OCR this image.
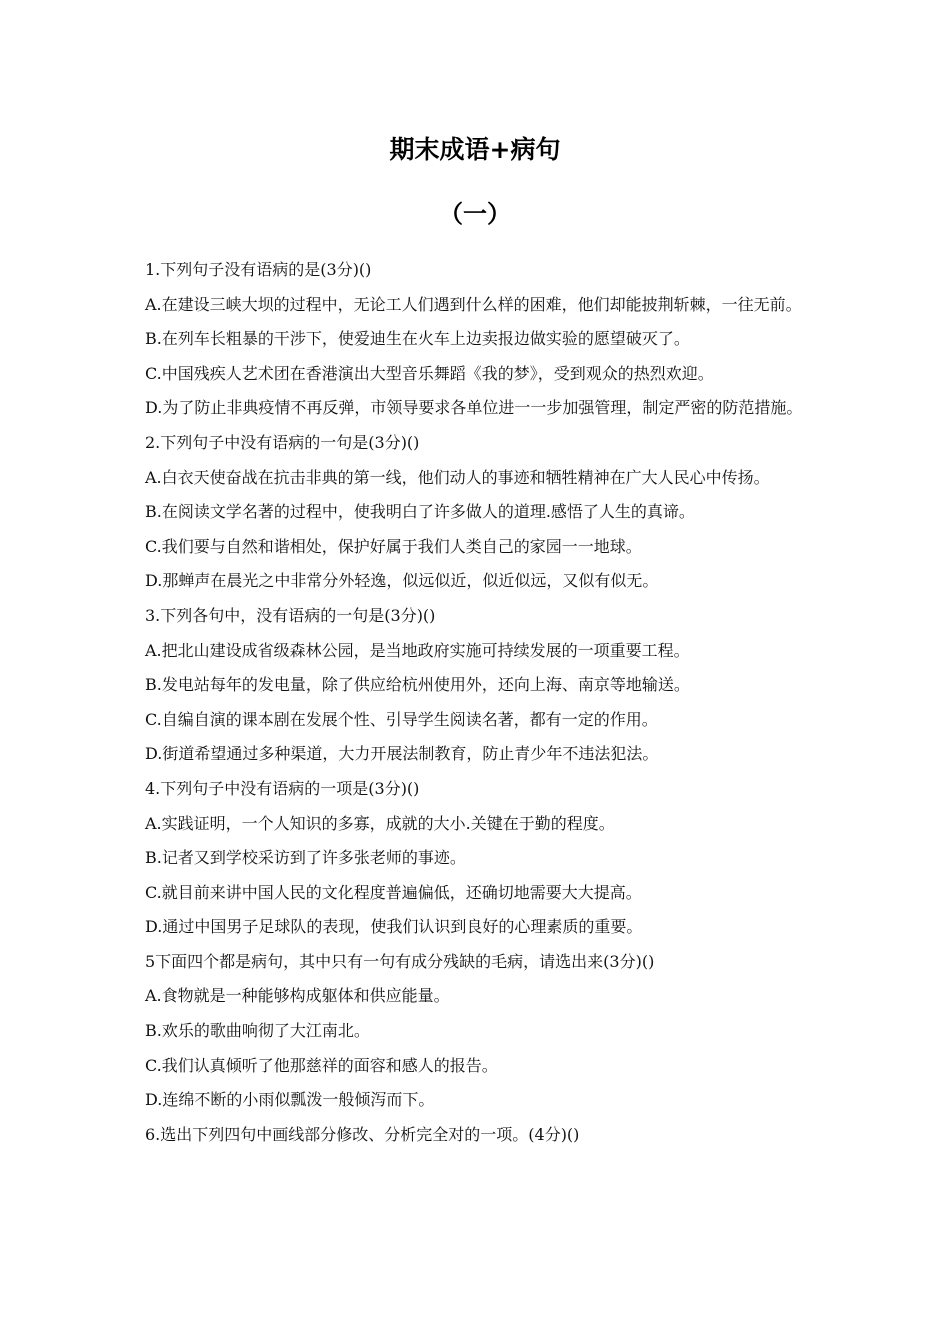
期末成语+病句
（一）

1.下列句子没有语病的是(3分)()

A.在建设三峡大坝的过程中，无论工人们遇到什么样的困难，他们却能披荆斩棘，一往无前。

B.在列车长粗暴的干涉下，使爱迪生在火车上边卖报边做实验的愿望破灭了。

C.中国残疾人艺术团在香港演出大型音乐舞蹈《我的梦》，受到观众的热烈欢迎。

D.为了防止非典疫情不再反弹，市领导要求各单位进一一步加强管理，制定严密的防范措施。

2.下列句子中没有语病的一句是(3分)()

A.白衣天使奋战在抗击非典的第一线，他们动人的事迹和牺牲精神在广大人民心中传扬。

B.在阅读文学名著的过程中，使我明白了许多做人的道理.感悟了人生的真谛。

C.我们要与自然和谐相处，保护好属于我们人类自己的家园一一地球。

D.那蝉声在晨光之中非常分外轻逸，似远似近，似近似远，又似有似无。

3.下列各句中，没有语病的一句是(3分)()

A.把北山建设成省级森林公园，是当地政府实施可持续发展的一项重要工程。

B.发电站每年的发电量，除了供应给杭州使用外，还向上海、南京等地输送。

C.自编自演的课本剧在发展个性、引导学生阅读名著，都有一定的作用。

D.街道希望通过多种渠道，大力开展法制教育，防止青少年不违法犯法。

4.下列句子中没有语病的一项是(3分)()

A.实践证明，一个人知识的多寡，成就的大小.关键在于勤的程度。

B.记者又到学校采访到了许多张老师的事迹。

C.就目前来讲中国人民的文化程度普遍偏低，还确切地需要大大提高。

D.通过中国男子足球队的表现，使我们认识到良好的心理素质的重要。

5下面四个都是病句，其中只有一句有成分残缺的毛病，请选出来(3分)()

A.食物就是一种能够构成躯体和供应能量。

B.欢乐的歌曲响彻了大江南北。

C.我们认真倾听了他那慈祥的面容和感人的报告。

D.连绵不断的小雨似瓢泼一般倾泻而下。

6.选出下列四句中画线部分修改、分析完全对的一项。(4分)()
